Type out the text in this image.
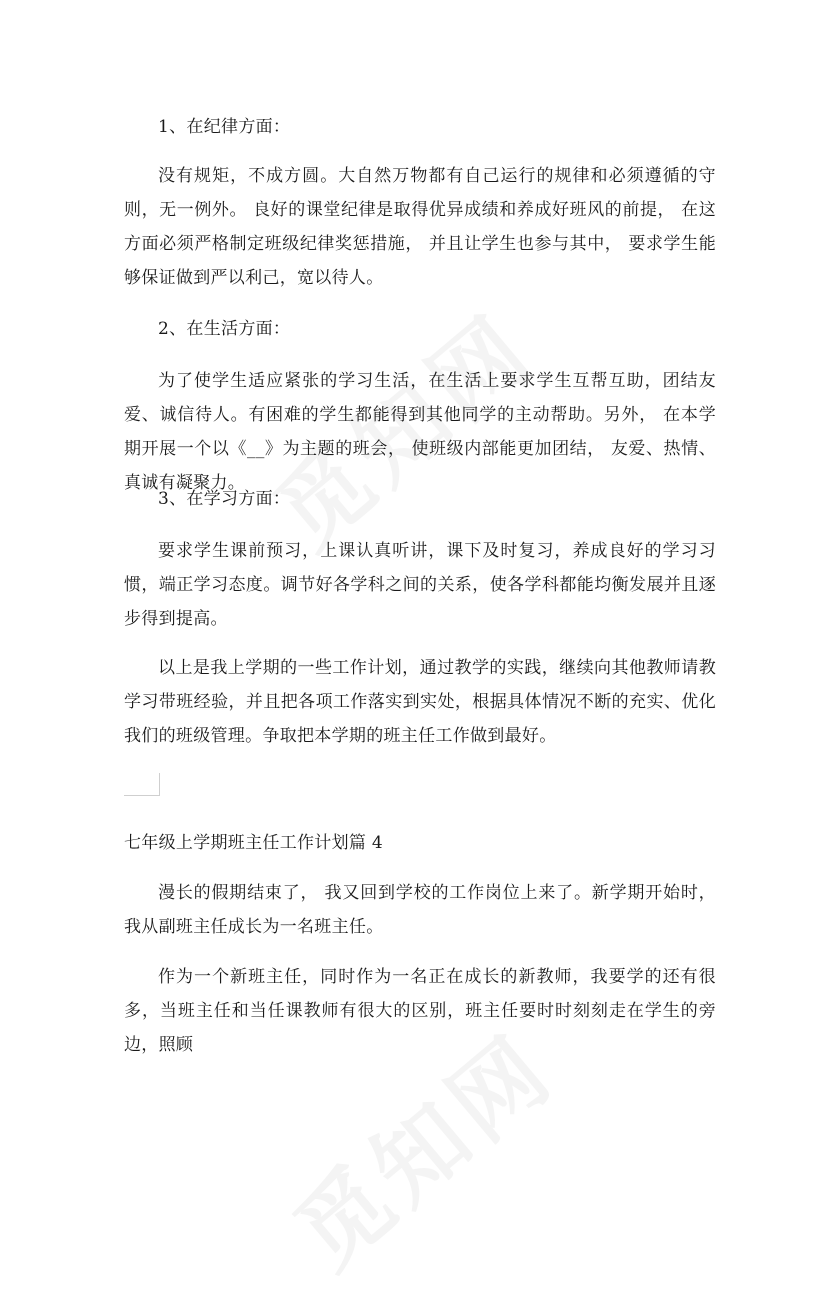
1、在纪律方面：

没有规矩，不成方圆。大自然万物都有自己运行的规律和必须遵循的守则，无一例外。 良好的课堂纪律是取得优异成绩和养成好班风的前提， 在这方面必须严格制定班级纪律奖惩措施， 并且让学生也参与其中， 要求学生能够保证做到严以利己，宽以待人。

2、在生活方面：

为了使学生适应紧张的学习生活，在生活上要求学生互帮互助，团结友爱、诚信待人。有困难的学生都能得到其他同学的主动帮助。另外， 在本学期开展一个以《__》为主题的班会， 使班级内部能更加团结， 友爱、热情、真诚有凝聚力。

3、在学习方面：

要求学生课前预习，上课认真听讲，课下及时复习，养成良好的学习习惯，端正学习态度。调节好各学科之间的关系，使各学科都能均衡发展并且逐步得到提高。

以上是我上学期的一些工作计划，通过教学的实践，继续向其他教师请教学习带班经验，并且把各项工作落实到实处，根据具体情况不断的充实、优化我们的班级管理。争取把本学期的班主任工作做到最好。

七年级上学期班主任工作计划篇 4

漫长的假期结束了， 我又回到学校的工作岗位上来了。新学期开始时，我从副班主任成长为一名班主任。

作为一个新班主任，同时作为一名正在成长的新教师，我要学的还有很多，当班主任和当任课教师有很大的区别，班主任要时时刻刻走在学生的旁边，照顾
